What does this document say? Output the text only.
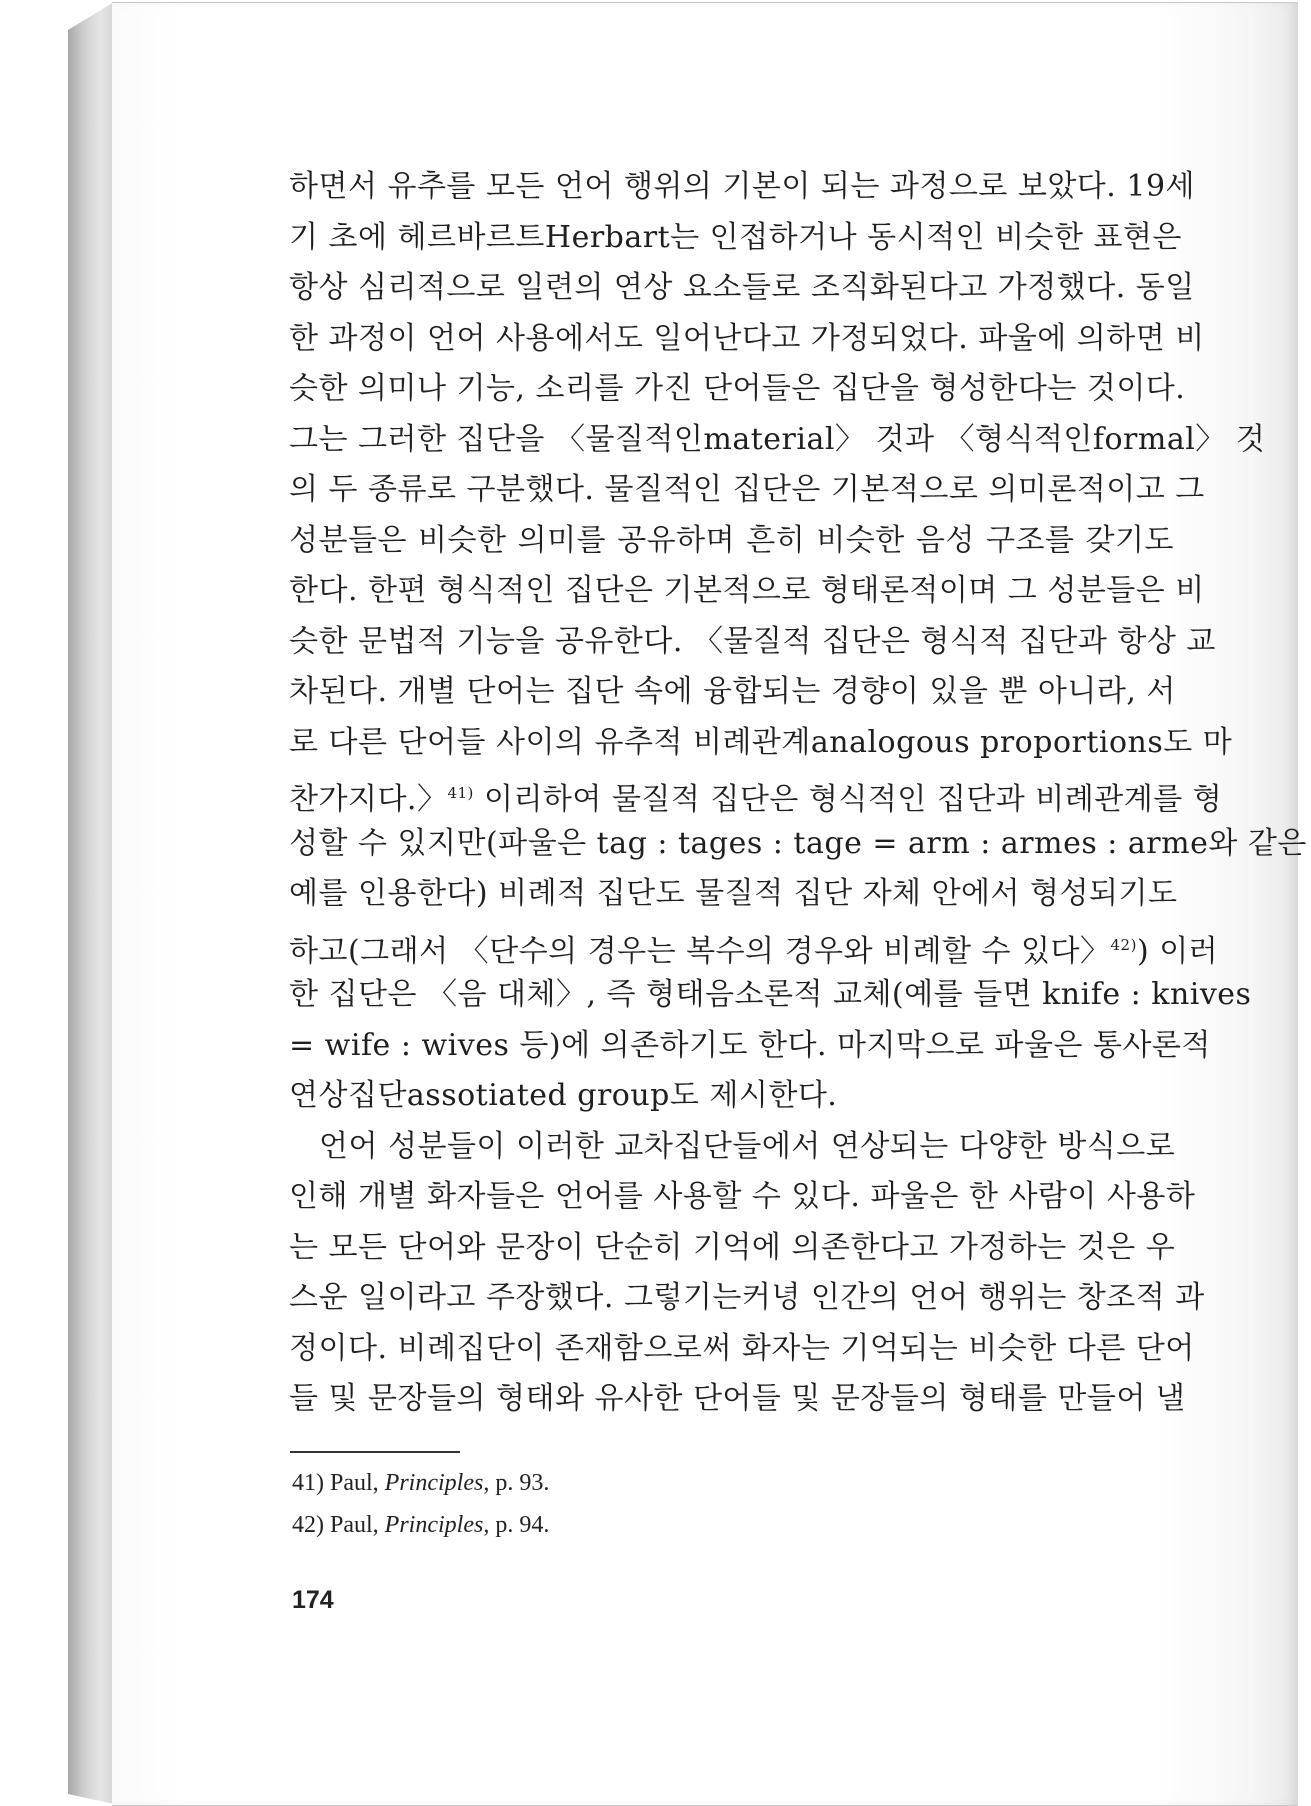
하면서 유추를 모든 언어 행위의 기본이 되는 과정으로 보았다. 19세
기 초에 헤르바르트Herbart는 인접하거나 동시적인 비슷한 표현은
항상 심리적으로 일련의 연상 요소들로 조직화된다고 가정했다. 동일
한 과정이 언어 사용에서도 일어난다고 가정되었다. 파울에 의하면 비
슷한 의미나 기능, 소리를 가진 단어들은 집단을 형성한다는 것이다.
그는 그러한 집단을 〈물질적인material〉 것과 〈형식적인formal〉 것
의 두 종류로 구분했다. 물질적인 집단은 기본적으로 의미론적이고 그
성분들은 비슷한 의미를 공유하며 흔히 비슷한 음성 구조를 갖기도
한다. 한편 형식적인 집단은 기본적으로 형태론적이며 그 성분들은 비
슷한 문법적 기능을 공유한다. 〈물질적 집단은 형식적 집단과 항상 교
차된다. 개별 단어는 집단 속에 융합되는 경향이 있을 뿐 아니라, 서
로 다른 단어들 사이의 유추적 비례관계analogous proportions도 마
찬가지다.〉$^{41)}$ 이리하여 물질적 집단은 형식적인 집단과 비례관계를 형
성할 수 있지만(파울은 tag : tages : tage = arm : armes : arme와 같은
예를 인용한다) 비례적 집단도 물질적 집단 자체 안에서 형성되기도
하고(그래서 〈단수의 경우는 복수의 경우와 비례할 수 있다〉$^{42)}$) 이러
한 집단은 〈음 대체〉, 즉 형태음소론적 교체(예를 들면 knife : knives
= wife : wives 등)에 의존하기도 한다. 마지막으로 파울은 통사론적
연상집단assotiated group도 제시한다.
언어 성분들이 이러한 교차집단들에서 연상되는 다양한 방식으로
인해 개별 화자들은 언어를 사용할 수 있다. 파울은 한 사람이 사용하
는 모든 단어와 문장이 단순히 기억에 의존한다고 가정하는 것은 우
스운 일이라고 주장했다. 그렇기는커녕 인간의 언어 행위는 창조적 과
정이다. 비례집단이 존재함으로써 화자는 기억되는 비슷한 다른 단어
들 및 문장들의 형태와 유사한 단어들 및 문장들의 형태를 만들어 낼
41) Paul, Principles, p. 93.
42) Paul, Principles, p. 94.
174
